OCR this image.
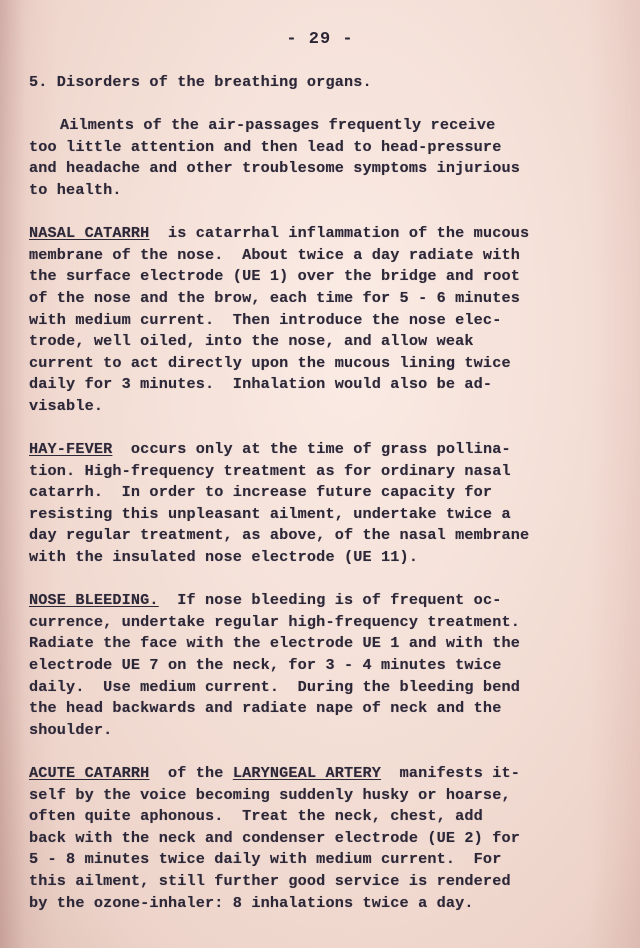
- 29 -
5. Disorders of the breathing organs.
Ailments of the air-passages frequently receive
too little attention and then lead to head-pressure
and headache and other troublesome symptoms injurious
to health.
NASAL CATARRH  is catarrhal inflammation of the mucous
membrane of the nose.  About twice a day radiate with
the surface electrode (UE 1) over the bridge and root
of the nose and the brow, each time for 5 - 6 minutes
with medium current.  Then introduce the nose elec-
trode, well oiled, into the nose, and allow weak
current to act directly upon the mucous lining twice
daily for 3 minutes.  Inhalation would also be ad-
visable.
HAY-FEVER  occurs only at the time of grass pollina-
tion. High-frequency treatment as for ordinary nasal
catarrh.  In order to increase future capacity for
resisting this unpleasant ailment, undertake twice a
day regular treatment, as above, of the nasal membrane
with the insulated nose electrode (UE 11).
NOSE BLEEDING.  If nose bleeding is of frequent oc-
currence, undertake regular high-frequency treatment.
Radiate the face with the electrode UE 1 and with the
electrode UE 7 on the neck, for 3 - 4 minutes twice
daily.  Use medium current.  During the bleeding bend
the head backwards and radiate nape of neck and the
shoulder.
ACUTE CATARRH  of the LARYNGEAL ARTERY  manifests it-
self by the voice becoming suddenly husky or hoarse,
often quite aphonous.  Treat the neck, chest, add
back with the neck and condenser electrode (UE 2) for
5 - 8 minutes twice daily with medium current.  For
this ailment, still further good service is rendered
by the ozone-inhaler: 8 inhalations twice a day.
